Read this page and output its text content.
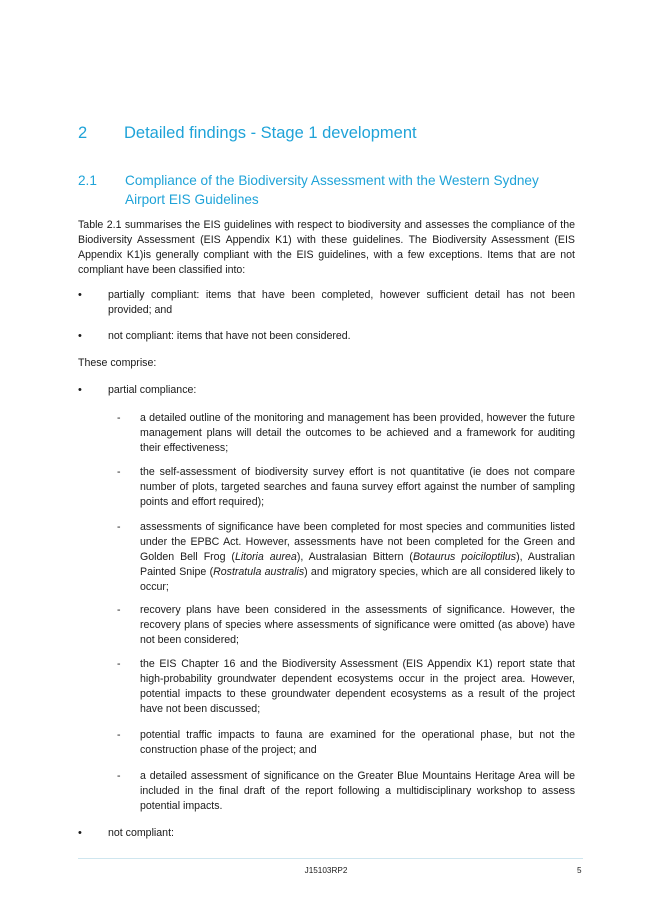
2 Detailed findings - Stage 1 development
2.1 Compliance of the Biodiversity Assessment with the Western Sydney Airport EIS Guidelines
Table 2.1 summarises the EIS guidelines with respect to biodiversity and assesses the compliance of the Biodiversity Assessment (EIS Appendix K1) with these guidelines. The Biodiversity Assessment (EIS Appendix K1)is generally compliant with the EIS guidelines, with a few exceptions. Items that are not compliant have been classified into:
•	partially compliant: items that have been completed, however sufficient detail has not been provided; and
•	not compliant: items that have not been considered.
These comprise:
•	partial compliance:
- a detailed outline of the monitoring and management has been provided, however the future management plans will detail the outcomes to be achieved and a framework for auditing their effectiveness;
- the self-assessment of biodiversity survey effort is not quantitative (ie does not compare number of plots, targeted searches and fauna survey effort against the number of sampling points and effort required);
- assessments of significance have been completed for most species and communities listed under the EPBC Act. However, assessments have not been completed for the Green and Golden Bell Frog (Litoria aurea), Australasian Bittern (Botaurus poiciloptilus), Australian Painted Snipe (Rostratula australis) and migratory species, which are all considered likely to occur;
- recovery plans have been considered in the assessments of significance. However, the recovery plans of species where assessments of significance were omitted (as above) have not been considered;
- the EIS Chapter 16 and the Biodiversity Assessment (EIS Appendix K1) report state that high-probability groundwater dependent ecosystems occur in the project area. However, potential impacts to these groundwater dependent ecosystems as a result of the project have not been discussed;
- potential traffic impacts to fauna are examined for the operational phase, but not the construction phase of the project; and
- a detailed assessment of significance on the Greater Blue Mountains Heritage Area will be included in the final draft of the report following a multidisciplinary workshop to assess potential impacts.
•	not compliant:
J15103RP2	5
